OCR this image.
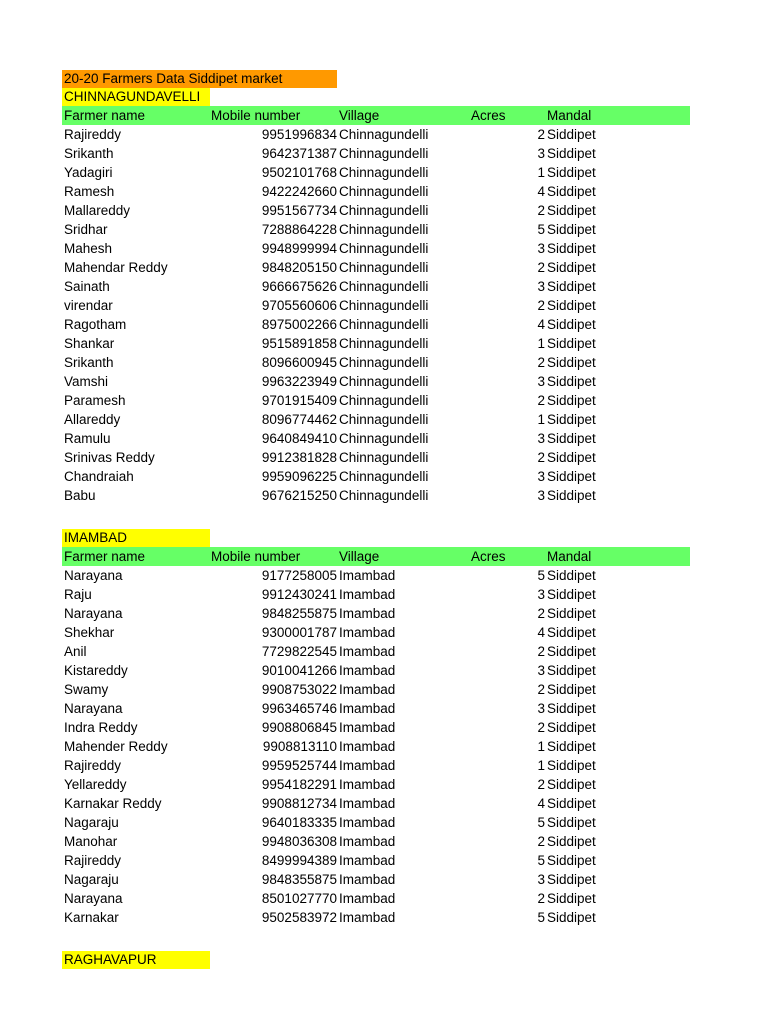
20-20 Farmers Data Siddipet market
CHINNAGUNDAVELLI
Farmer name	Mobile number	Village	Acres	Mandal
Rajireddy	9951996834 Chinnagundelli	2 Siddipet
Srikanth	9642371387 Chinnagundelli	3 Siddipet
Yadagiri	9502101768 Chinnagundelli	1 Siddipet
Ramesh	9422242660 Chinnagundelli	4 Siddipet
Mallareddy	9951567734 Chinnagundelli	2 Siddipet
Sridhar	7288864228 Chinnagundelli	5 Siddipet
Mahesh	9948999994 Chinnagundelli	3 Siddipet
Mahendar Reddy	9848205150 Chinnagundelli	2 Siddipet
Sainath	9666675626 Chinnagundelli	3 Siddipet
virendar	9705560606 Chinnagundelli	2 Siddipet
Ragotham	8975002266 Chinnagundelli	4 Siddipet
Shankar	9515891858 Chinnagundelli	1 Siddipet
Srikanth	8096600945 Chinnagundelli	2 Siddipet
Vamshi	9963223949 Chinnagundelli	3 Siddipet
Paramesh	9701915409 Chinnagundelli	2 Siddipet
Allareddy	8096774462 Chinnagundelli	1 Siddipet
Ramulu	9640849410 Chinnagundelli	3 Siddipet
Srinivas Reddy	9912381828 Chinnagundelli	2 Siddipet
Chandraiah	9959096225 Chinnagundelli	3 Siddipet
Babu	9676215250 Chinnagundelli	3 Siddipet
IMAMBAD
Farmer name	Mobile number	Village	Acres	Mandal
Narayana	9177258005 Imambad	5 Siddipet
Raju	9912430241 Imambad	3 Siddipet
Narayana	9848255875 Imambad	2 Siddipet
Shekhar	9300001787 Imambad	4 Siddipet
Anil	7729822545 Imambad	2 Siddipet
Kistareddy	9010041266 Imambad	3 Siddipet
Swamy	9908753022 Imambad	2 Siddipet
Narayana	9963465746 Imambad	3 Siddipet
Indra Reddy	9908806845 Imambad	2 Siddipet
Mahender Reddy	9908813110 Imambad	1 Siddipet
Rajireddy	9959525744 Imambad	1 Siddipet
Yellareddy	9954182291 Imambad	2 Siddipet
Karnakar Reddy	9908812734 Imambad	4 Siddipet
Nagaraju	9640183335 Imambad	5 Siddipet
Manohar	9948036308 Imambad	2 Siddipet
Rajireddy	8499994389 Imambad	5 Siddipet
Nagaraju	9848355875 Imambad	3 Siddipet
Narayana	8501027770 Imambad	2 Siddipet
Karnakar	9502583972 Imambad	5 Siddipet
RAGHAVAPUR
